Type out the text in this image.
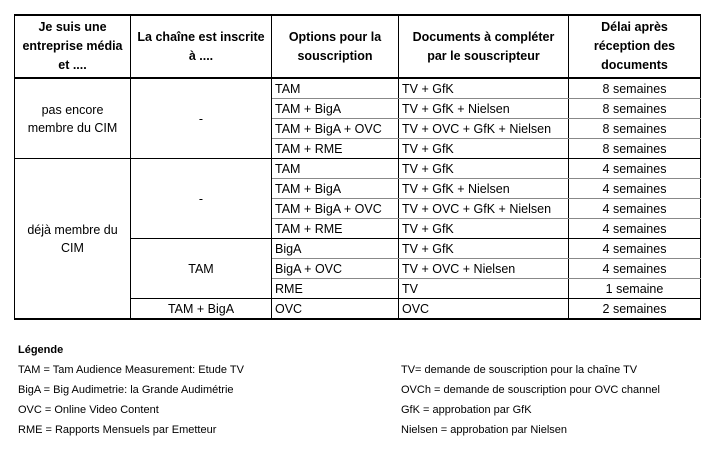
Je suis une entreprise média et ....	La chaîne est inscrite à ....	Options pour la souscription	Documents à compléter par le souscripteur	Délai après réception des documents
pas encore membre du CIM	-	TAM	TV + GfK	8 semaines
		TAM + BigA	TV + GfK + Nielsen	8 semaines
		TAM + BigA + OVC	TV + OVC + GfK + Nielsen	8 semaines
		TAM + RME	TV + GfK	8 semaines
déjà membre du CIM	-	TAM	TV + GfK	4 semaines
		TAM + BigA	TV + GfK + Nielsen	4 semaines
		TAM + BigA + OVC	TV + OVC + GfK + Nielsen	4 semaines
		TAM + RME	TV + GfK	4 semaines
	TAM	BigA	TV + GfK	4 semaines
		BigA + OVC	TV + OVC + Nielsen	4 semaines
		RME	TV	1 semaine
	TAM + BigA	OVC	OVC	2 semaines
Légende
TAM = Tam Audience Measurement: Etude TV	TV= demande de souscription pour la chaîne TV
BigA = Big Audimetrie: la Grande Audimétrie	OVCh = demande de souscription pour OVC channel
OVC = Online Video Content	GfK = approbation par GfK
RME = Rapports Mensuels par Emetteur	Nielsen = approbation par Nielsen
